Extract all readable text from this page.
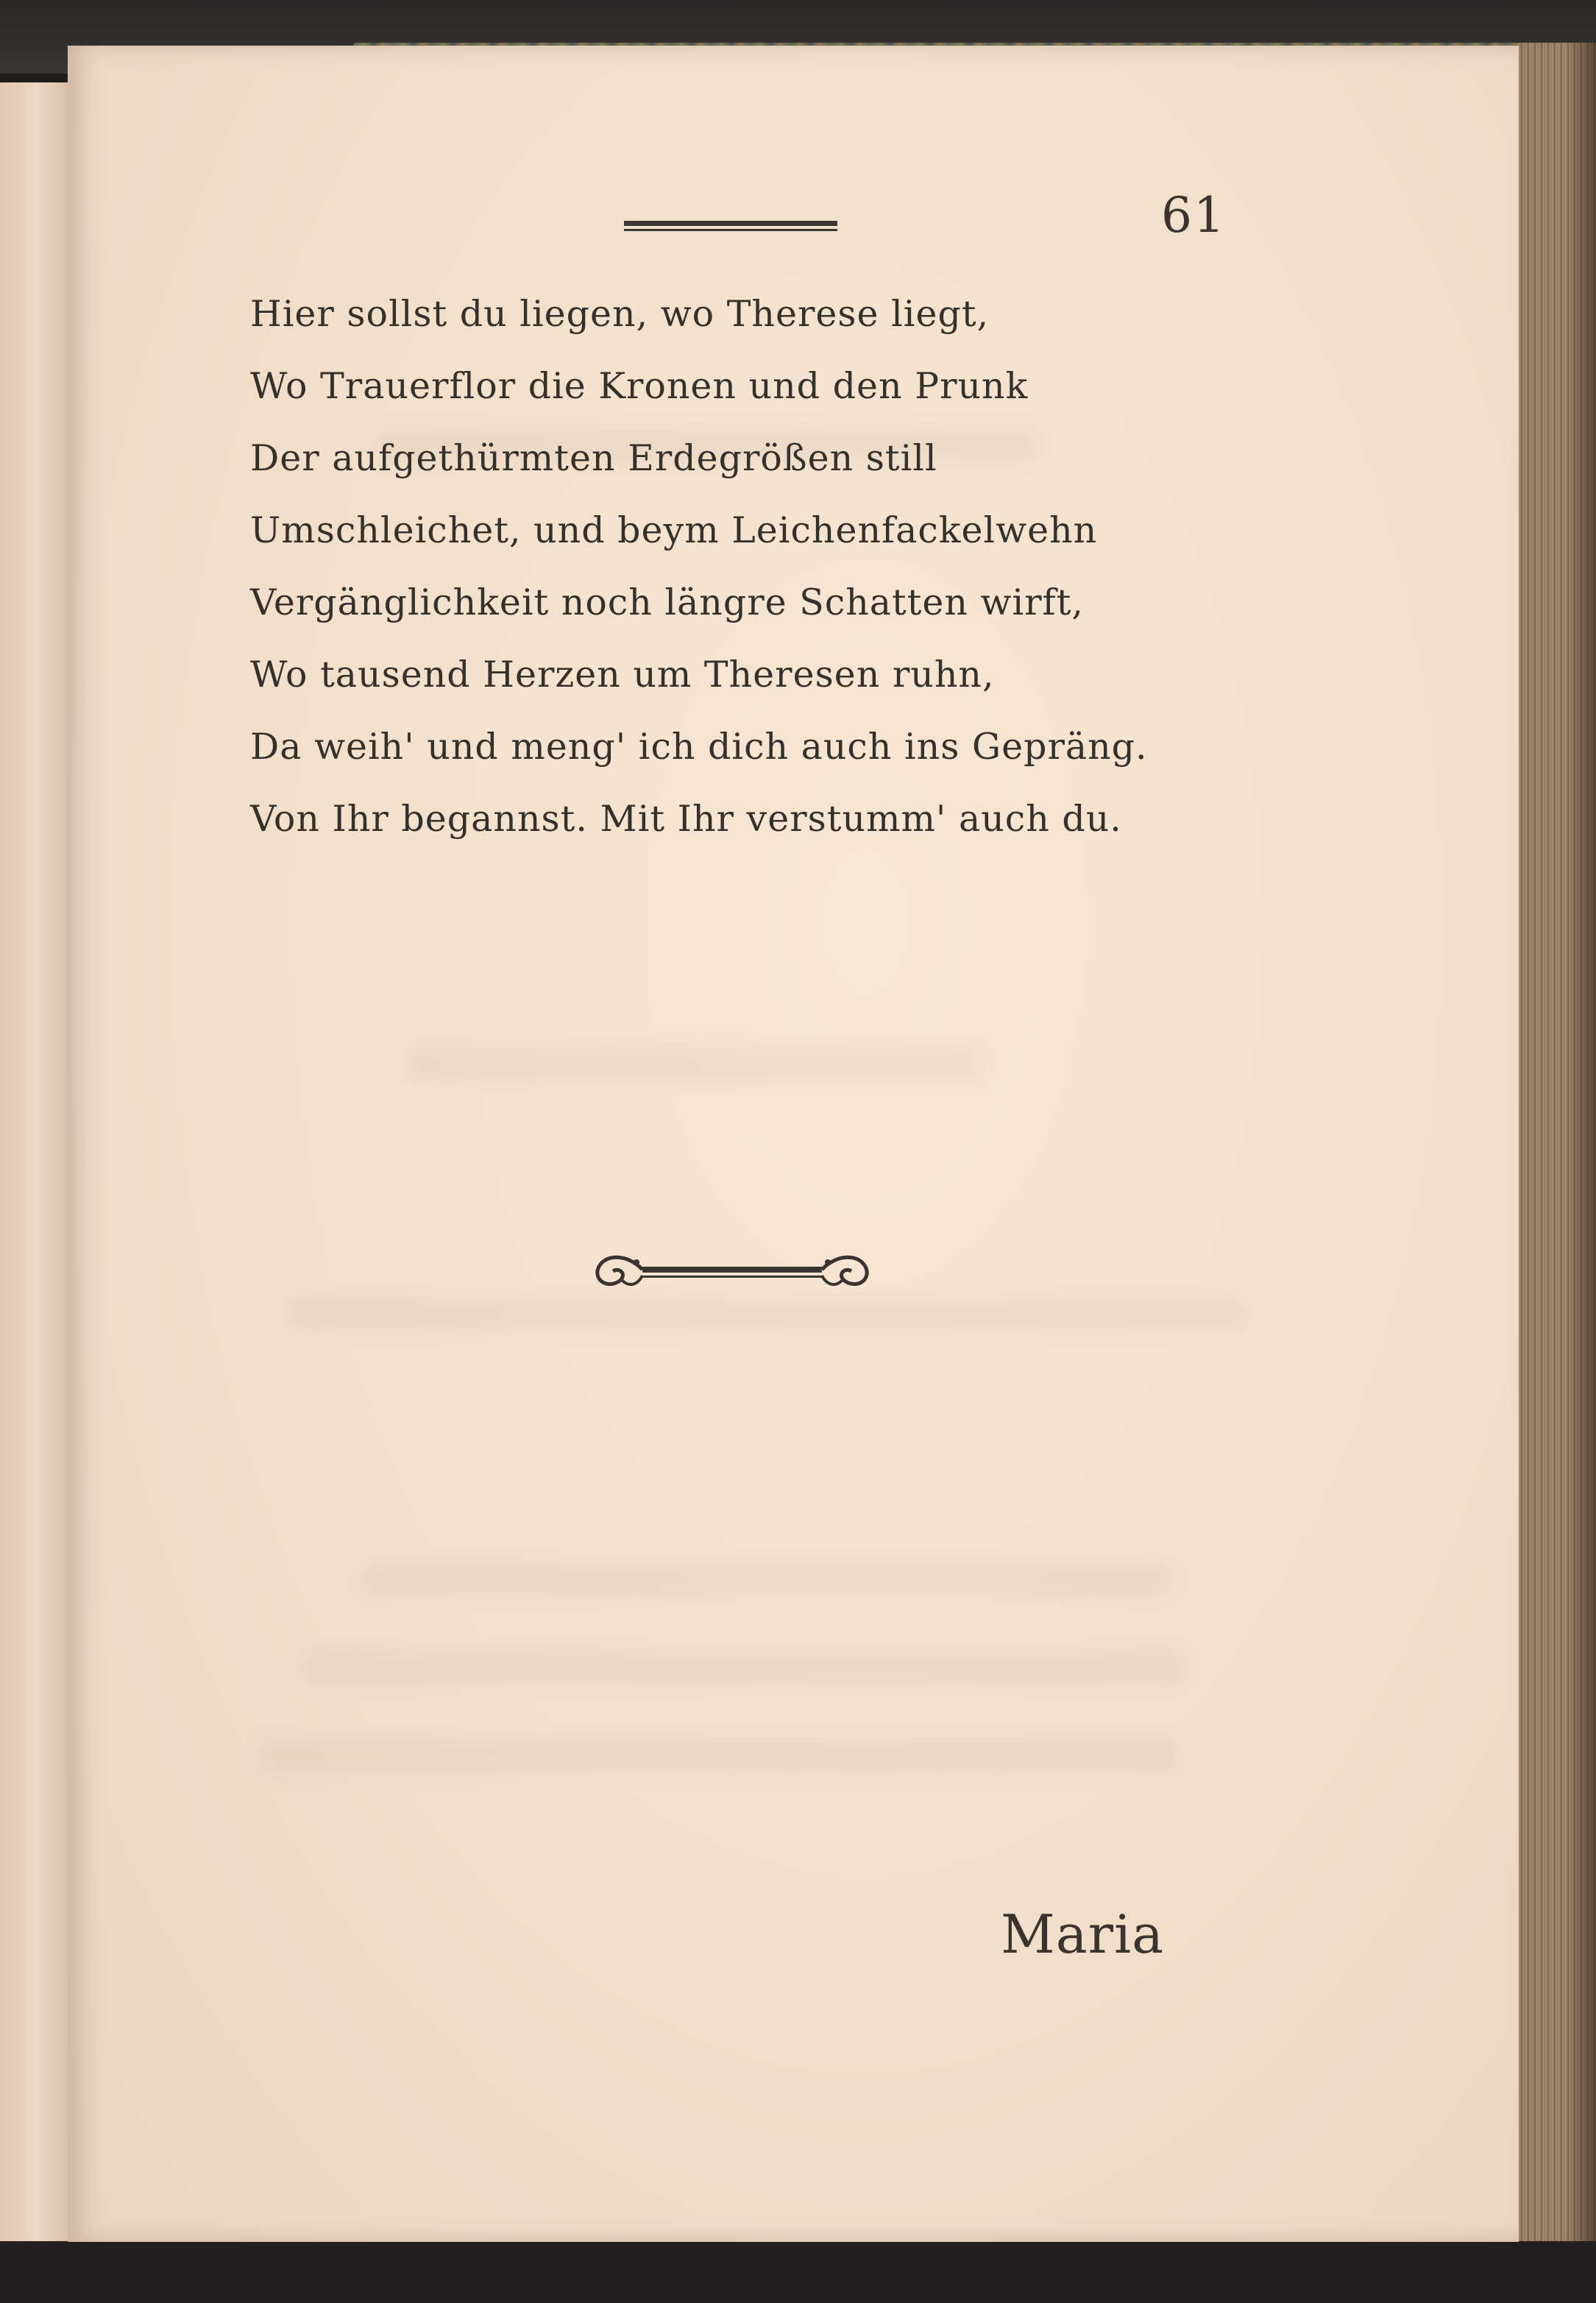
61
Hier sollst du liegen, wo Therese liegt,
Wo Trauerflor die Kronen und den Prunk
Der aufgethürmten Erdegrößen still
Umschleichet, und beym Leichenfackelwehn
Vergänglichkeit noch längre Schatten wirft,
Wo tausend Herzen um Theresen ruhn,
Da weih' und meng' ich dich auch ins Gepräng.
Von Ihr begannst. Mit Ihr verstumm' auch du.
Maria
